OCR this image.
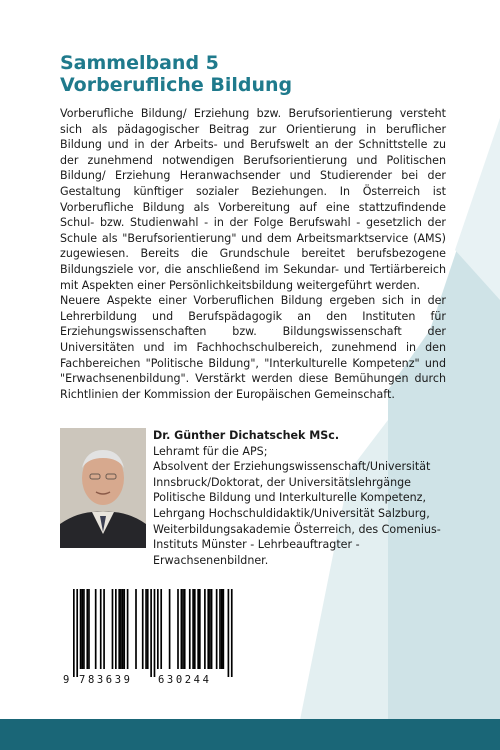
Sammelband 5
Vorberufliche Bildung

Vorberufliche Bildung/ Erziehung bzw. Berufsorientierung versteht sich als pädagogischer Beitrag zur Orientierung in beruflicher Bildung und in der Arbeits- und Berufswelt an der Schnittstelle zu der zunehmend notwendigen Berufsorientierung und Politischen Bildung/ Erziehung Heranwachsender und Studierender bei der Gestaltung künftiger sozialer Beziehungen. In Österreich ist Vorberufliche Bildung als Vorbereitung auf eine stattzufindende Schul- bzw. Studienwahl - in der Folge Berufswahl - gesetzlich der Schule als "Berufsorientierung" und dem Arbeitsmarktservice (AMS) zugewiesen. Bereits die Grundschule bereitet berufsbezogene Bildungsziele vor, die anschließend im Sekundar- und Tertiärbereich mit Aspekten einer Persönlichkeitsbildung weitergeführt werden.

Neuere Aspekte einer Vorberuflichen Bildung ergeben sich in der Lehrerbildung und Berufspädagogik an den Instituten für Erziehungswissenschaften bzw. Bildungswissenschaft der Universitäten und im Fachhochschulbereich, zunehmend in den Fachbereichen "Politische Bildung", "Interkulturelle Kompetenz" und "Erwachsenenbildung". Verstärkt werden diese Bemühungen durch Richtlinien der Kommission der Europäischen Gemeinschaft.

Dr. Günther Dichatschek MSc.
Lehramt für die APS;
Absolvent der Erziehungswissenschaft/Universität Innsbruck/Doktorat, der Universitätslehrgänge Politische Bildung und Interkulturelle Kompetenz, Lehrgang Hochschuldidaktik/Universität Salzburg, Weiterbildungsakademie Österreich, des Comenius-Instituts Münster - Lehrbeauftragter - Erwachsenenbildner.
9 783639 630244
